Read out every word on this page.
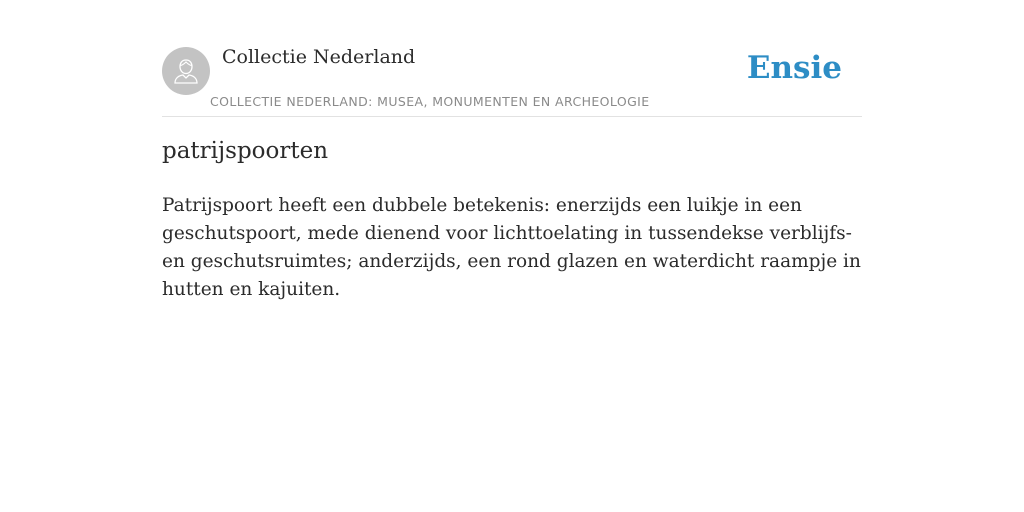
Collectie Nederland
COLLECTIE NEDERLAND: MUSEA, MONUMENTEN EN ARCHEOLOGIE
Ensie
patrijspoorten

Patrijspoort heeft een dubbele betekenis: enerzijds een luikje in een geschutspoort, mede dienend voor lichttoelating in tussendekse verblijfs- en geschutsruimtes; anderzijds, een rond glazen en waterdicht raampje in hutten en kajuiten.
